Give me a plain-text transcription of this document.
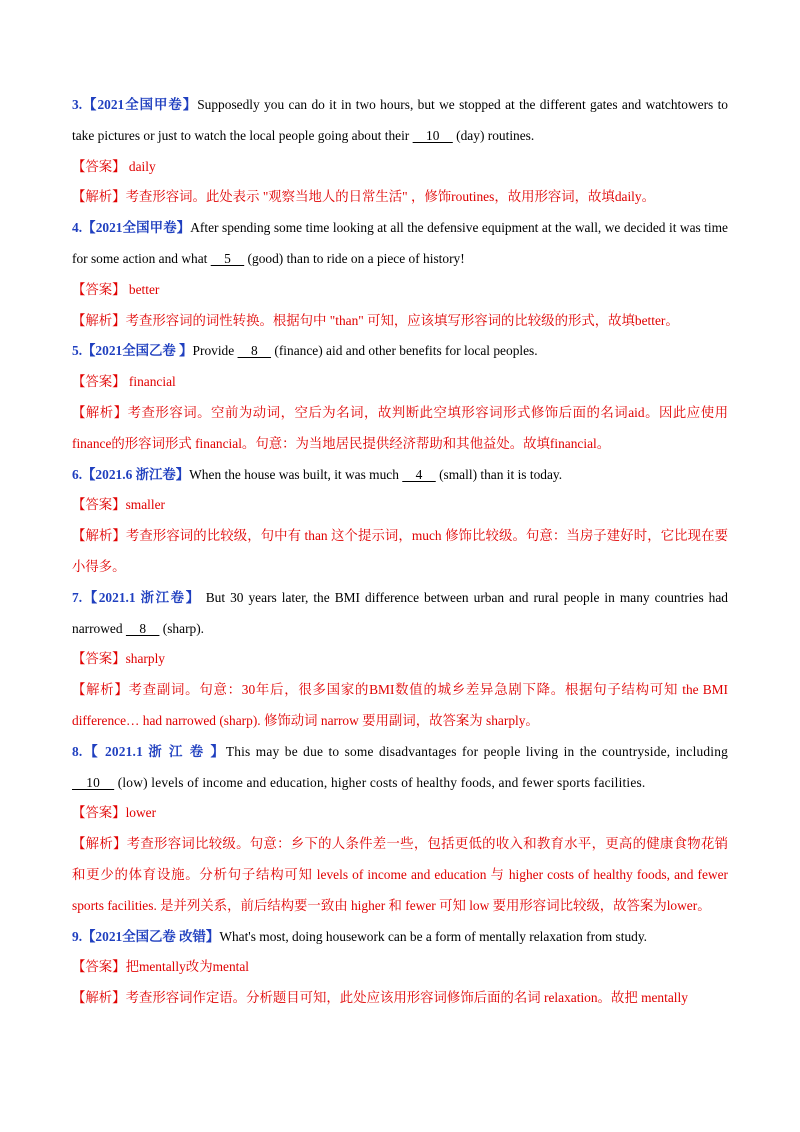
3.【2021全国甲卷】Supposedly you can do it in two hours, but we stopped at the different gates and watchtowers to take pictures or just to watch the local people going about their     10     (day) routines.
【答案】 daily
【解析】考查形容词。此处表示 "观察当地人的日常生活" ，修饰routines，故用形容词，故填daily。
4.【2021全国甲卷】After spending some time looking at all the defensive equipment at the wall, we decided it was time for some action and what     5     (good) than to ride on a piece of history!
【答案】 better
【解析】考查形容词的词性转换。根据句中 "than" 可知，应该填写形容词的比较级的形式，故填better。
5.【2021全国乙卷 】Provide     8     (finance) aid and other benefits for local peoples.
【答案】 financial
【解析】考查形容词。空前为动词，空后为名词，故判断此空填形容词形式修饰后面的名词aid。因此应使用 finance的形容词形式 financial。句意：为当地居民提供经济帮助和其他益处。故填financial。
6.【2021.6 浙江卷】When the house was built, it was much     4     (small) than it is today.
【答案】smaller
【解析】考查形容词的比较级，句中有 than 这个提示词，much 修饰比较级。句意：当房子建好时，它比现在要小得多。
7.【2021.1 浙江卷】 But 30 years later, the BMI difference between urban and rural people in many countries had narrowed     8     (sharp).
【答案】sharply
【解析】考查副词。句意：30年后，很多国家的BMI数值的城乡差异急剧下降。根据句子结构可知 the BMI difference… had narrowed (sharp). 修饰动词 narrow 要用副词，故答案为 sharply。
8.【 2021.1 浙 江 卷 】This may be due to some disadvantages for people living in the countryside, including     10     (low) levels of income and education, higher costs of healthy foods, and fewer sports facilities.
【答案】lower
【解析】考查形容词比较级。句意：乡下的人条件差一些，包括更低的收入和教育水平，更高的健康食物花销和更少的体育设施。分析句子结构可知 levels of income and education 与 higher costs of healthy foods, and fewer sports facilities. 是并列关系，前后结构要一致由 higher 和 fewer 可知 low 要用形容词比较级，故答案为lower。
9.【2021全国乙卷 改错】What's most, doing housework can be a form of mentally relaxation from study.
【答案】把mentally改为mental
【解析】考查形容词作定语。分析题目可知，此处应该用形容词修饰后面的名词 relaxation。故把 mentally
